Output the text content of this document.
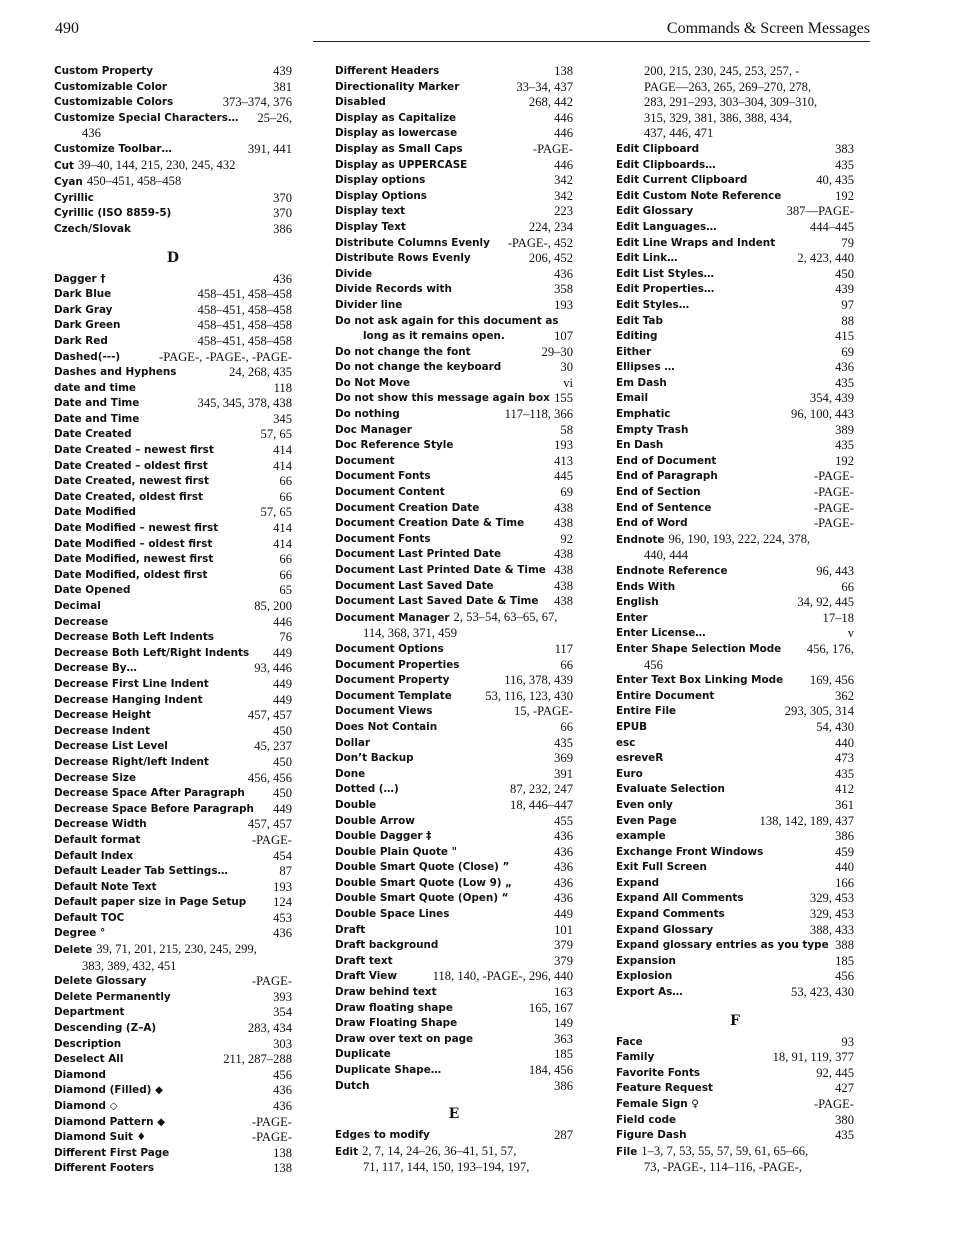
490	Commands & Screen Messages
439
Custom Property
381
Customizable Color
373–374, 376
Customizable Colors
25–26,
Customize Special Characters…
436
391, 441
Customize Toolbar…
Cut 39–40, 144, 215, 230, 245, 432
Cyan 450–451, 458–458
370
Cyrillic
370
Cyrillic (ISO 8859-5)
386
Czech/Slovak
D
436
Dagger †
458–451, 458–458
Dark Blue
458–451, 458–458
Dark Gray
458–451, 458–458
Dark Green
458–451, 458–458
Dark Red
-PAGE-, -PAGE-, -PAGE-
Dashed(---)
24, 268, 435
Dashes and Hyphens
118
date and time
345, 345, 378, 438
Date and Time
345
Date and Time
57, 65
Date Created
414
Date Created – newest first
414
Date Created – oldest first
66
Date Created, newest first
66
Date Created, oldest first
57, 65
Date Modified
414
Date Modified – newest first
414
Date Modified – oldest first
66
Date Modified, newest first
66
Date Modified, oldest first
65
Date Opened
85, 200
Decimal
446
Decrease
76
Decrease Both Left Indents
449
Decrease Both Left/Right Indents
93, 446
Decrease By…
449
Decrease First Line Indent
449
Decrease Hanging Indent
457, 457
Decrease Height
450
Decrease Indent
45, 237
Decrease List Level
450
Decrease Right/left Indent
456, 456
Decrease Size
450
Decrease Space After Paragraph
449
Decrease Space Before Paragraph
457, 457
Decrease Width
-PAGE-
Default format
454
Default Index
87
Default Leader Tab Settings…
193
Default Note Text
124
Default paper size in Page Setup
453
Default TOC
436
Degree °
Delete 39, 71, 201, 215, 230, 245, 299,
383, 389, 432, 451
-PAGE-
Delete Glossary
393
Delete Permanently
354
Department
283, 434
Descending (Z–A)
303
Description
211, 287–288
Deselect All
456
Diamond
436
Diamond (Filled) ◆
436
Diamond ◇
-PAGE-
Diamond Pattern ◆
-PAGE-
Diamond Suit ♦
138
Different First Page
138
Different Footers
138
Different Headers
33–34, 437
Directionality Marker
268, 442
Disabled
446
Display as Capitalize
446
Display as lowercase
-PAGE-
Display as Small Caps
446
Display as UPPERCASE
342
Display options
342
Display Options
223
Display text
224, 234
Display Text
-PAGE-, 452
Distribute Columns Evenly
206, 452
Distribute Rows Evenly
436
Divide
358
Divide Records with
193
Divider line
Do not ask again for this document as
107
long as it remains open.
29–30
Do not change the font
30
Do not change the keyboard
vi
Do Not Move
155
Do not show this message again box
117–118, 366
Do nothing
58
Doc Manager
193
Doc Reference Style
413
Document
445
Document Fonts
69
Document Content
438
Document Creation Date
438
Document Creation Date & Time
92
Document Fonts
438
Document Last Printed Date
438
Document Last Printed Date & Time
438
Document Last Saved Date
438
Document Last Saved Date & Time
Document Manager 2, 53–54, 63–65, 67,
114, 368, 371, 459
117
Document Options
66
Document Properties
116, 378, 439
Document Property
53, 116, 123, 430
Document Template
15, -PAGE-
Document Views
66
Does Not Contain
435
Dollar
369
Don’t Backup
391
Done
87, 232, 247
Dotted (…)
18, 446–447
Double
455
Double Arrow
436
Double Dagger ‡
436
Double Plain Quote "
436
Double Smart Quote (Close) ”
436
Double Smart Quote (Low 9) „
436
Double Smart Quote (Open) “
449
Double Space Lines
101
Draft
379
Draft background
379
Draft text
118, 140, -PAGE-, 296, 440
Draft View
163
Draw behind text
165, 167
Draw floating shape
149
Draw Floating Shape
363
Draw over text on page
185
Duplicate
184, 456
Duplicate Shape…
386
Dutch
E
287
Edges to modify
Edit 2, 7, 14, 24–26, 36–41, 51, 57,
71, 117, 144, 150, 193–194, 197,
200, 215, 230, 245, 253, 257, -
PAGE—263, 265, 269–270, 278,
283, 291–293, 303–304, 309–310,
315, 329, 381, 386, 388, 434,
437, 446, 471
383
Edit Clipboard
435
Edit Clipboards…
40, 435
Edit Current Clipboard
192
Edit Custom Note Reference
387—PAGE-
Edit Glossary
444–445
Edit Languages…
79
Edit Line Wraps and Indent
2, 423, 440
Edit Link…
450
Edit List Styles…
439
Edit Properties…
97
Edit Styles…
88
Edit Tab
415
Editing
69
Either
436
Ellipses …
435
Em Dash
354, 439
Email
96, 100, 443
Emphatic
389
Empty Trash
435
En Dash
192
End of Document
-PAGE-
End of Paragraph
-PAGE-
End of Section
-PAGE-
End of Sentence
-PAGE-
End of Word
Endnote 96, 190, 193, 222, 224, 378,
440, 444
96, 443
Endnote Reference
66
Ends With
34, 92, 445
English
17–18
Enter
v
Enter License…
456, 176,
Enter Shape Selection Mode
456
169, 456
Enter Text Box Linking Mode
362
Entire Document
293, 305, 314
Entire File
54, 430
EPUB
440
esc
473
esreveR
435
Euro
412
Evaluate Selection
361
Even only
138, 142, 189, 437
Even Page
386
example
459
Exchange Front Windows
440
Exit Full Screen
166
Expand
329, 453
Expand All Comments
329, 453
Expand Comments
388, 433
Expand Glossary
388
Expand glossary entries as you type
185
Expansion
456
Explosion
53, 423, 430
Export As…
F
93
Face
18, 91, 119, 377
Family
92, 445
Favorite Fonts
427
Feature Request
-PAGE-
Female Sign ♀
380
Field code
435
Figure Dash
File 1–3, 7, 53, 55, 57, 59, 61, 65–66,
73, -PAGE-, 114–116, -PAGE-,
